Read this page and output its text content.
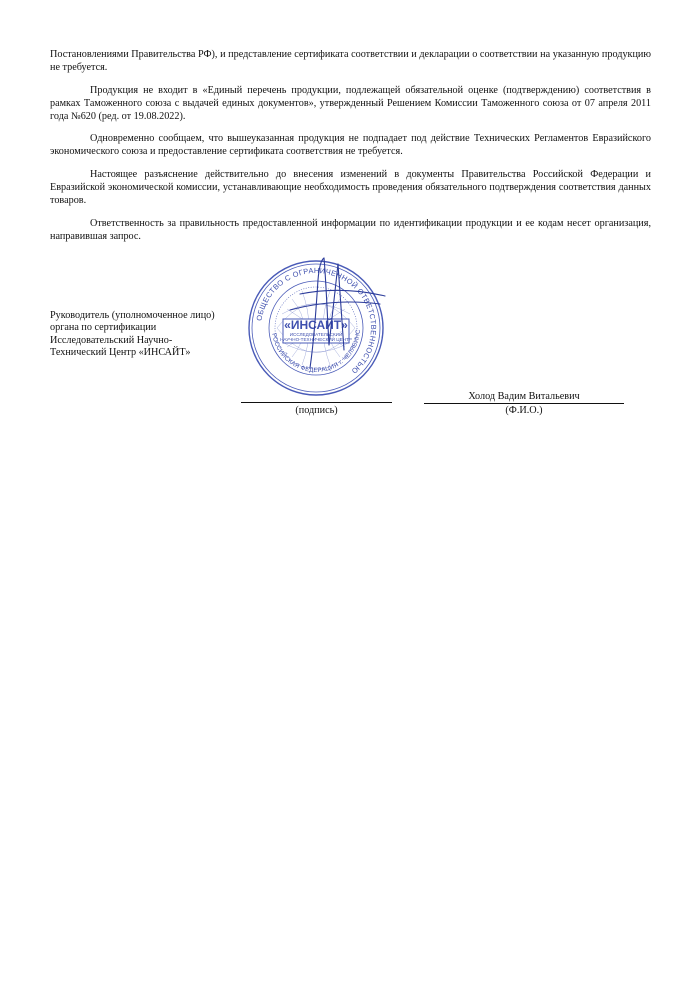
Постановлениями Правительства РФ), и представление сертификата соответствии и декларации о соответствии на указанную продукцию не требуется.

Продукция не входит в «Единый перечень продукции, подлежащей обязательной оценке (подтверждению) соответствия в рамках Таможенного союза с выдачей единых документов», утвержденный Решением Комиссии Таможенного союза от 07 апреля 2011 года №620 (ред. от 19.08.2022).

Одновременно сообщаем, что вышеуказанная продукция не подпадает под действие Технических Регламентов Евразийского экономического союза и предоставление сертификата соответствия не требуется.

Настоящее разъяснение действительно до внесения изменений в документы Правительства Российской Федерации и Евразийской экономической комиссии, устанавливающие необходимость проведения обязательного подтверждения соответствия данных товаров.

Ответственность за правильность предоставленной информации по идентификации продукции и ее кодам несет организация, направившая запрос.

Руководитель (уполномоченное лицо)
органа по сертификации
Исследовательский Научно-
Технический Центр «ИНСАЙТ»
ОБЩЕСТВО С ОГРАНИЧЕННОЙ ОТВЕТСТВЕННОСТЬЮ
РОССИЙСКАЯ ФЕДЕРАЦИЯ г. ЧЕЛЯБИНС
«ИНСАЙТ»
ИССЛЕДОВАТЕЛЬСКИЙ
НАУЧНО-ТЕХНИЧЕСКИЙ ЦЕНТР
(подпись)
Холод Вадим Витальевич
(Ф.И.О.)
